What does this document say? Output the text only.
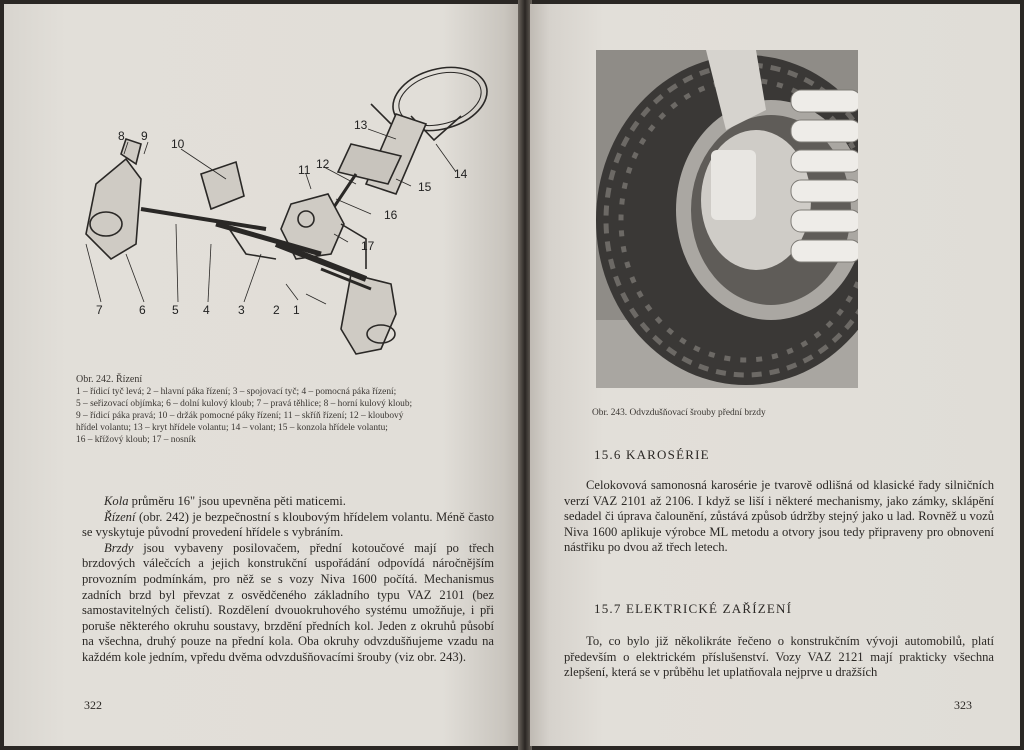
8 9
10
11 12
13
14
15
16
17
7	6 5 4 3 2 1
Obr. 242. Řízení

1 – řídicí tyč levá; 2 – hlavní páka řízení; 3 – spojovací tyč; 4 – pomocná páka řízení;

5 – seřizovací objímka; 6 – dolní kulový kloub; 7 – pravá těhlice; 8 – horní kulový kloub;

9 – řídicí páka pravá; 10 – držák pomocné páky řízení; 11 – skříň řízení; 12 – kloubový

hřídel volantu; 13 – kryt hřídele volantu; 14 – volant; 15 – konzola hřídele volantu;

16 – křížový kloub; 17 – nosník

Kola průměru 16" jsou upevněna pěti maticemi.

Řízení (obr. 242) je bezpečnostní s kloubovým hřídelem volantu. Méně často se vyskytuje původní provedení hřídele s vybráním.

Brzdy jsou vybaveny posilovačem, přední kotoučové mají po třech brzdových válečcích a jejich konstrukční uspořádání odpovídá náročnějším provozním podmínkám, pro něž se s vozy Niva 1600 počítá. Mechanismus zadních brzd byl převzat z osvědčeného základního typu VAZ 2101 (bez samostavitelných čelistí). Rozdělení dvouokruhového systému umožňuje, i při poruše některého okruhu soustavy, brzdění předních kol. Jeden z okruhů působí na všechna, druhý pouze na přední kola. Oba okruhy odvzdušňujeme vzadu na každém kole jedním, vpředu dvěma odvzdušňovacími šrouby (viz obr. 243).

322
Obr. 243. Odvzdušňovací šrouby přední brzdy
15.6 KAROSÉRIE

Celokovová samonosná karosérie je tvarově odlišná od klasické řady silničních verzí VAZ 2101 až 2106. I když se liší i některé mechanismy, jako zámky, sklápění sedadel či úprava čalounění, zůstává způsob údržby stejný jako u lad. Rovněž u vozů Niva 1600 aplikuje výrobce ML metodu a otvory jsou tedy připraveny pro obnovení nástřiku po dvou až třech letech.

15.7 ELEKTRICKÉ ZAŘÍZENÍ

To, co bylo již několikráte řečeno o konstrukčním vývoji automobilů, platí především o elektrickém příslušenství. Vozy VAZ 2121 mají prakticky všechna zlepšení, která se v průběhu let uplatňovala nejprve u dražších

323
